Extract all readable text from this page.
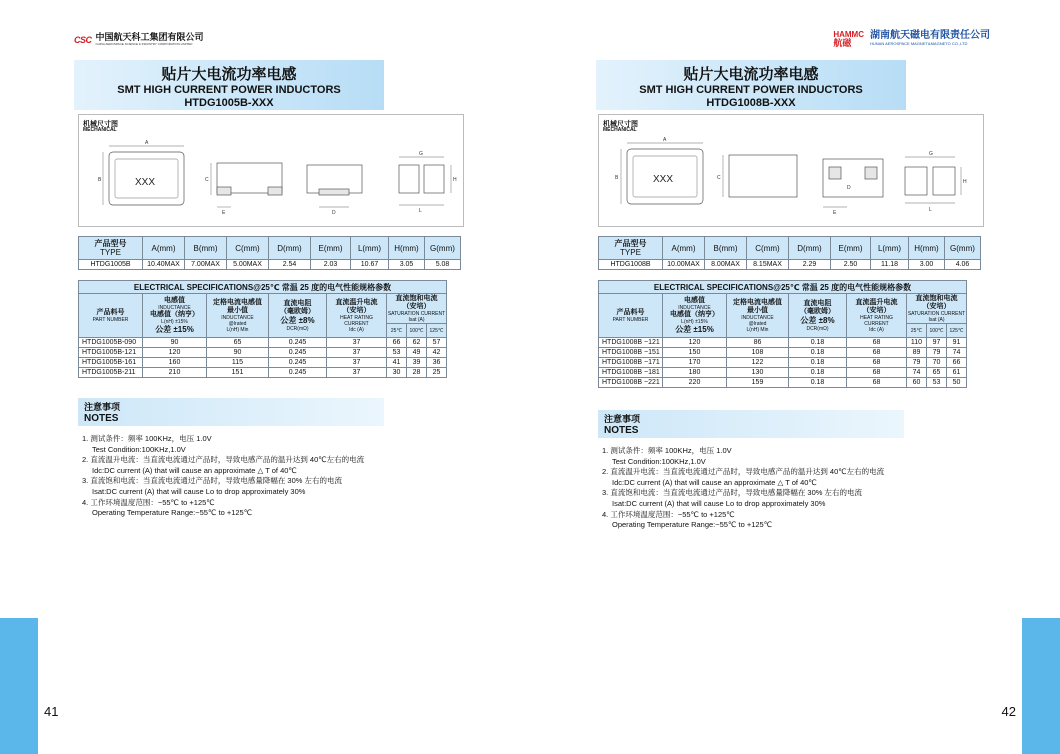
CSC 中国航天科工集团有限公司
CHINA AEROSPACE SCIENCE & INDUSTRY CORPORATION LIMITED
贴片大电流功率电感
SMT HIGH CURRENT POWER INDUCTORS
HTDG1005B-XXX
机械尺寸图
MECHANICAL
A
B	C
E	D
G
H
L
XXX
产品型号
TYPE	A(mm)	B(mm)	C(mm)	D(mm)	E(mm)	L(mm)	H(mm)	G(mm)
HTDG1005B	10.40MAX	7.00MAX	5.00MAX	2.54	2.03	10.67	3.05	5.08
ELECTRICAL SPECIFICATIONS@25℃ 常温 25 度的电气性能规格参数							

产品料号
PART NUMBER	电感值
INDUCTANCE
电感值（纳亨）
L(nH) ±15%
公差 ±15%	定格电流电感值
最小值
INDUCTANCE
@Irated
L(nH) Min	直流电阻
（毫欧姆）
公差 ±8%
DCR(mΩ)	直流温升电流
（安培）
HEAT RATING
CURRENT
Idc (A)	直流饱和电流
（安培）
SATURATION CURRENT
Isat (A)		
					25℃	100℃	125℃
HTDG1005B-090	90	65	0.245	37	66	62	57
HTDG1005B-121	120	90	0.245	37	53	49	42
HTDG1005B-161	160	115	0.245	37	41	39	36
HTDG1005B-211	210	151	0.245	37	30	28	25
注意事项
NOTES
1. 测试条件：频率 100KHz，电压 1.0V
Test Condition:100KHz,1.0V
2. 直流温升电流：当直流电流通过产品时，导致电感产品的温升达到 40℃左右的电流
Idc:DC current (A) that will cause an approximate △ T of 40℃
3. 直流饱和电流：当直流电流通过产品时，导致电感量降幅在 30% 左右的电流
Isat:DC current (A) that will cause Lo to drop approximately 30%
4. 工作环境温度范围：−55℃ to +125℃
Operating Temperature Range:−55℃ to +125℃
41
HAMMC
航磁
湖南航天磁电有限责任公司
HUNAN AEROSPACE MAGNET&MAGNETO CO.,LTD
贴片大电流功率电感
SMT HIGH CURRENT POWER INDUCTORS
HTDG1008B-XXX
机械尺寸图
MECHANICAL
A
B	C
E
D
G
H
L
XXX
产品型号
TYPE	A(mm)	B(mm)	C(mm)	D(mm)	E(mm)	L(mm)	H(mm)	G(mm)
HTDG1008B	10.00MAX	8.00MAX	8.15MAX	2.29	2.50	11.18	3.00	4.06
ELECTRICAL SPECIFICATIONS@25℃ 常温 25 度的电气性能规格参数							

产品料号
PART NUMBER	电感值
INDUCTANCE
电感值（纳亨）
L(nH) ±15%
公差 ±15%	定格电流电感值
最小值
INDUCTANCE
@Irated
L(nH) Min	直流电阻
（毫欧姆）
公差 ±8%
DCR(mΩ)	直流温升电流
（安培）
HEAT RATING
CURRENT
Idc (A)	直流饱和电流
（安培）
SATURATION CURRENT
Isat (A)		
					25℃	100℃	125℃
HTDG1008B −121	120	86	0.18	68	110	97	91
HTDG1008B −151	150	108	0.18	68	89	79	74
HTDG1008B −171	170	122	0.18	68	79	70	66
HTDG1008B −181	180	130	0.18	68	74	65	61
HTDG1008B −221	220	159	0.18	68	60	53	50
注意事项
NOTES
1. 测试条件：频率 100KHz，电压 1.0V
Test Condition:100KHz,1.0V
2. 直流温升电流：当直流电流通过产品时，导致电感产品的温升达到 40℃左右的电流
Idc:DC current (A) that will cause an approximate △ T of 40℃
3. 直流饱和电流：当直流电流通过产品时，导致电感量降幅在 30% 左右的电流
Isat:DC current (A) that will cause Lo to drop approximately 30%
4. 工作环境温度范围：−55℃ to +125℃
Operating Temperature Range:−55℃ to +125℃
42
